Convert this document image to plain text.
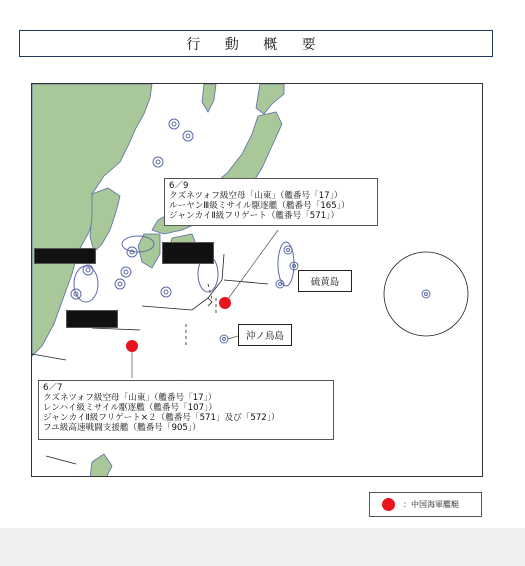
行 動 概 要
6／9
クズネツォフ級空母「山東」（艦番号「17」）
ルーヤンⅢ級ミサイル駆逐艦（艦番号「165」）
ジャンカイⅡ級フリゲート（艦番号「571」）
6／7
クズネツォフ級空母「山東」（艦番号「17」）
レンハイ級ミサイル駆逐艦（艦番号「107」）
ジャンカイⅡ級フリゲート×２（艦番号「571」及び「572」）
フユ級高速戦闘支援艦（艦番号「905」）
硫黄島
沖ノ鳥島
：中国海軍艦艇
